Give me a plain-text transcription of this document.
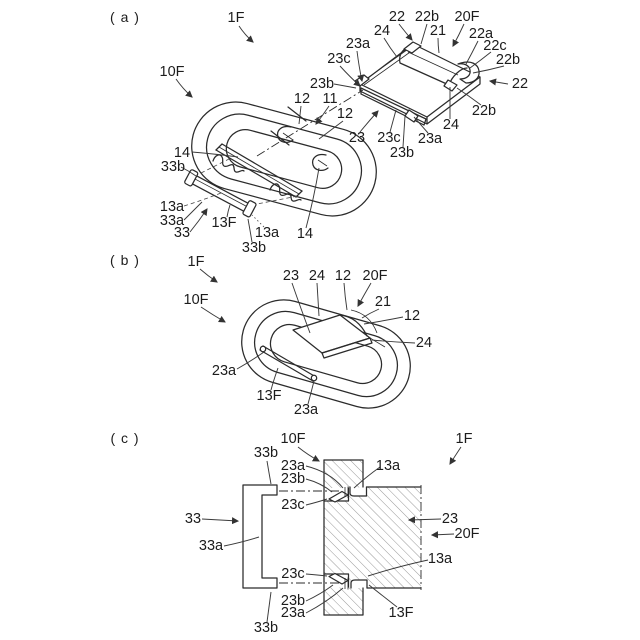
( a )	1F	22 22b 20F
24	21 22a
23a	22c
23c	22b
23b
10F
22
12 11
12	22b
24
23 23c 23a
23b
14
33b
13a
33a
33
13F
13a
33b
14
( b )	1F
23 24 12 20F
10F	21
12
24
23a
13F
23a
( c )	10F	1F
33b
23a
23b
13a
23c
33
33a
23
20F
13a
23c
23b
23a
33b
13F
